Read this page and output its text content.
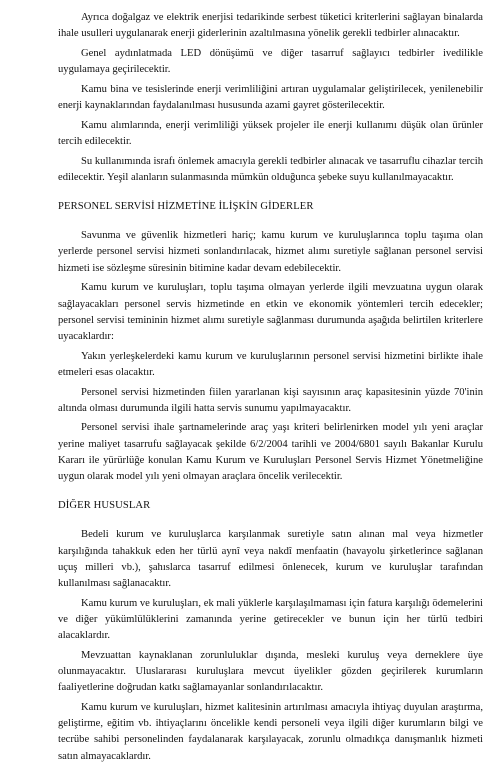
Ayrıca doğalgaz ve elektrik enerjisi tedarikinde serbest tüketici kriterlerini sağlayan binalarda ihale usulleri uygulanarak enerji giderlerinin azaltılmasına yönelik gerekli tedbirler alınacaktır.

Genel aydınlatmada LED dönüşümü ve diğer tasarruf sağlayıcı tedbirler ivedilikle uygulamaya geçirilecektir.

Kamu bina ve tesislerinde enerji verimliliğini artıran uygulamalar geliştirilecek, yenilenebilir enerji kaynaklarından faydalanılması hususunda azami gayret gösterilecektir.

Kamu alımlarında, enerji verimliliği yüksek projeler ile enerji kullanımı düşük olan ürünler tercih edilecektir.

Su kullanımında israfı önlemek amacıyla gerekli tedbirler alınacak ve tasarruflu cihazlar tercih edilecektir. Yeşil alanların sulanmasında mümkün olduğunca şebeke suyu kullanılmayacaktır.

PERSONEL SERVİSİ HİZMETİNE İLİŞKİN GİDERLER

Savunma ve güvenlik hizmetleri hariç; kamu kurum ve kuruluşlarınca toplu taşıma olan yerlerde personel servisi hizmeti sonlandırılacak, hizmet alımı suretiyle sağlanan personel servisi hizmeti ise sözleşme süresinin bitimine kadar devam edebilecektir.

Kamu kurum ve kuruluşları, toplu taşıma olmayan yerlerde ilgili mevzuatına uygun olarak sağlayacakları personel servis hizmetinde en etkin ve ekonomik yöntemleri tercih edecekler; personel servisi temininin hizmet alımı suretiyle sağlanması durumunda aşağıda belirtilen kriterlere uyacaklardır:

Yakın yerleşkelerdeki kamu kurum ve kuruluşlarının personel servisi hizmetini birlikte ihale etmeleri esas olacaktır.

Personel servisi hizmetinden fiilen yararlanan kişi sayısının araç kapasitesinin yüzde 70'inin altında olması durumunda ilgili hatta servis sunumu yapılmayacaktır.

Personel servisi ihale şartnamelerinde araç yaşı kriteri belirlenirken model yılı yeni araçlar yerine maliyet tasarrufu sağlayacak şekilde 6/2/2004 tarihli ve 2004/6801 sayılı Bakanlar Kurulu Kararı ile yürürlüğe konulan Kamu Kurum ve Kuruluşları Personel Servis Hizmet Yönetmeliğine uygun olarak model yılı yeni olmayan araçlara öncelik verilecektir.

DİĞER HUSUSLAR

Bedeli kurum ve kuruluşlarca karşılanmak suretiyle satın alınan mal veya hizmetler karşılığında tahakkuk eden her türlü aynî veya nakdî menfaatin (havayolu şirketlerince sağlanan uçuş milleri vb.), şahıslarca tasarruf edilmesi önlenecek, kurum ve kuruluşlar tarafından kullanılması sağlanacaktır.

Kamu kurum ve kuruluşları, ek mali yüklerle karşılaşılmaması için fatura karşılığı ödemelerini ve diğer yükümlülüklerini zamanında yerine getirecekler ve bunun için her türlü tedbiri alacaklardır.

Mevzuattan kaynaklanan zorunluluklar dışında, mesleki kuruluş veya derneklere üye olunmayacaktır. Uluslararası kuruluşlara mevcut üyelikler gözden geçirilerek kurumların faaliyetlerine doğrudan katkı sağlamayanlar sonlandırılacaktır.

Kamu kurum ve kuruluşları, hizmet kalitesinin artırılması amacıyla ihtiyaç duyulan araştırma, geliştirme, eğitim vb. ihtiyaçlarını öncelikle kendi personeli veya ilgili diğer kurumların bilgi ve tecrübe sahibi personelinden faydalanarak karşılayacak, zorunlu olmadıkça danışmanlık hizmeti satın almayacaklardır.
